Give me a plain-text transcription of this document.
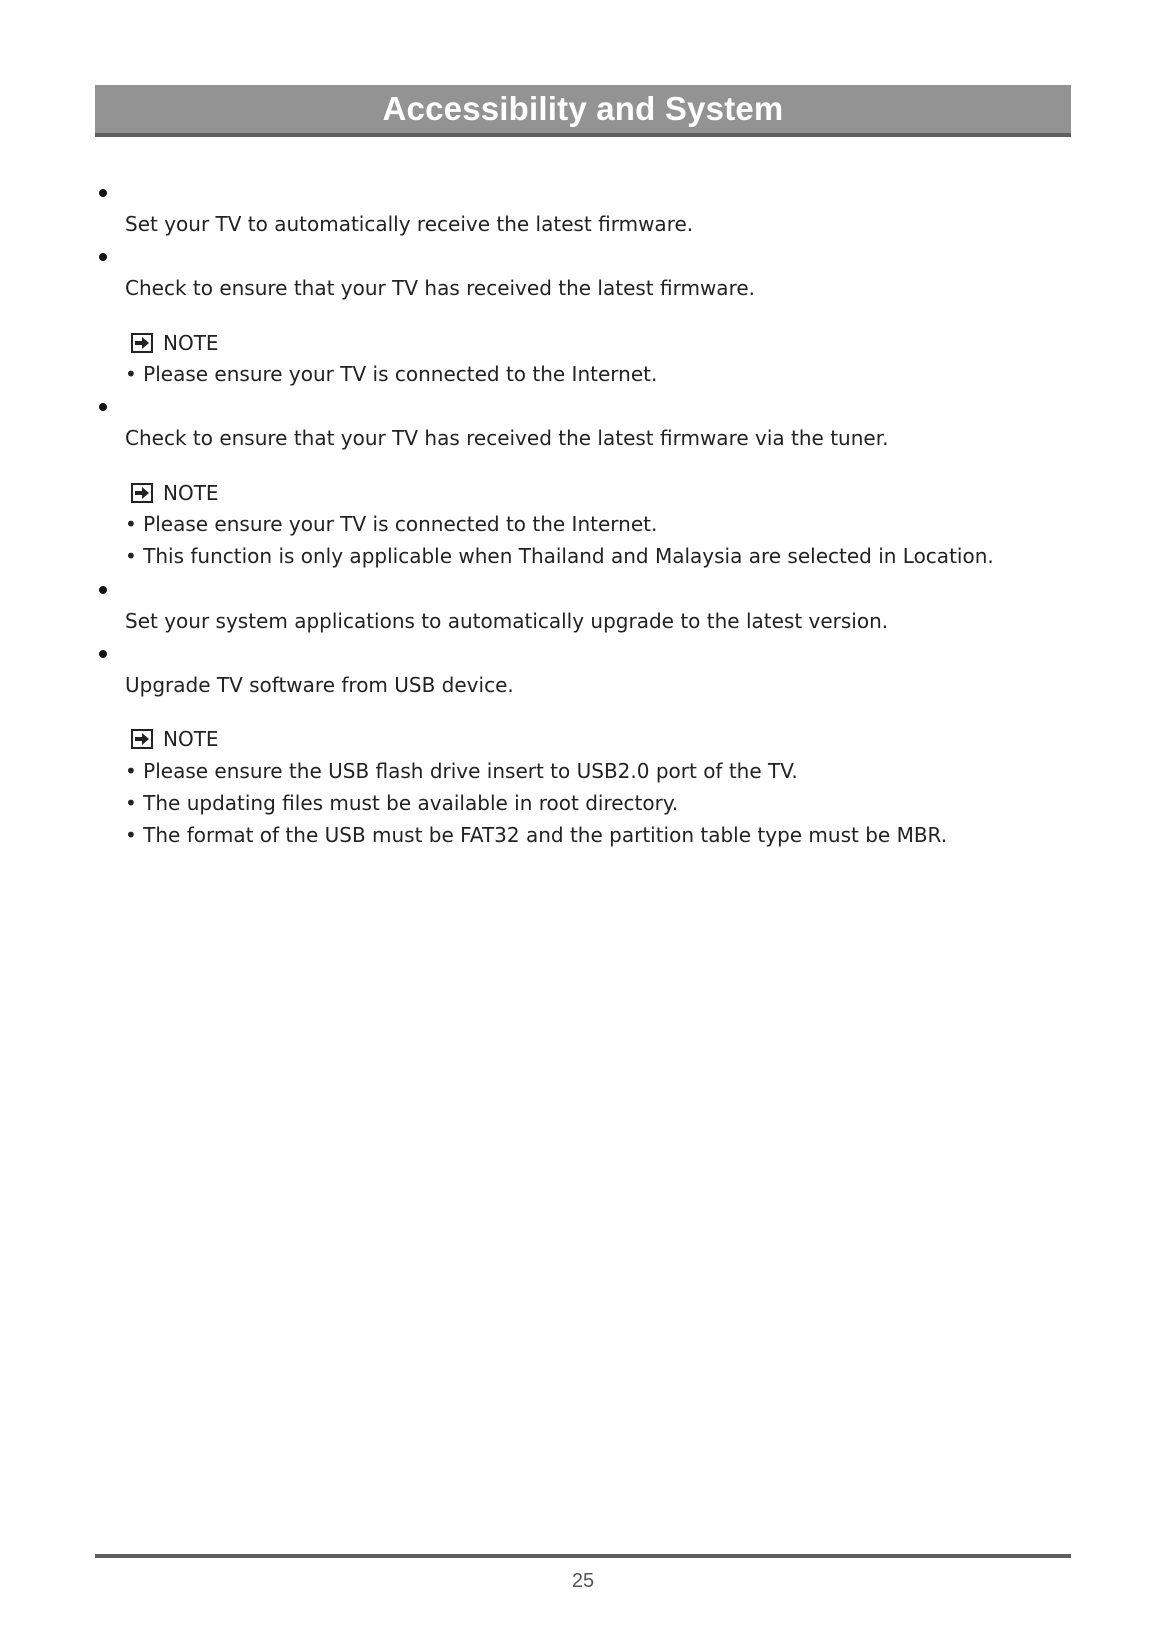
Accessibility and System
Set your TV to automatically receive the latest firmware.
Check to ensure that your TV has received the latest firmware.
NOTE
• Please ensure your TV is connected to the Internet.
Check to ensure that your TV has received the latest firmware via the tuner.
NOTE
• Please ensure your TV is connected to the Internet.
• This function is only applicable when Thailand and Malaysia are selected in Location.
Set your system applications to automatically upgrade to the latest version.
Upgrade TV software from USB device.
NOTE
• Please ensure the USB flash drive insert to USB2.0 port of the TV.
• The updating files must be available in root directory.
• The format of the USB must be FAT32 and the partition table type must be MBR.
25
